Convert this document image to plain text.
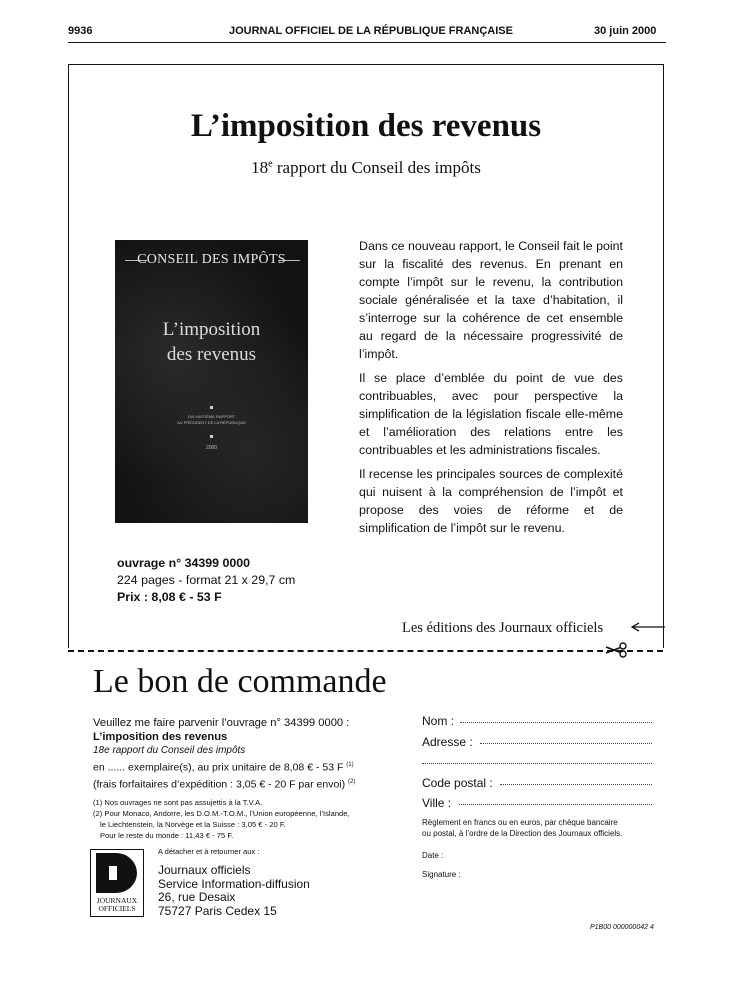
9936	JOURNAL OFFICIEL DE LA RÉPUBLIQUE FRANÇAISE	30 juin 2000
L’imposition des revenus
18e rapport du Conseil des impôts
CONSEIL DES IMPÔTS
L’imposition
des revenus
DIX-HUITIÈME RAPPORT
AU PRÉSIDENT DE LA RÉPUBLIQUE
2000

Dans ce nouveau rapport, le Conseil fait le point sur la fiscalité des revenus. En prenant en compte l’impôt sur le revenu, la contribution sociale généralisée et la taxe d’habitation, il s’interroge sur la cohérence de cet ensemble au regard de la nécessaire progressivité de l’impôt.

Il se place d’emblée du point de vue des contribuables, avec pour perspective la simplification de la législation fiscale elle-même et l’amélioration des relations entre les contribuables et les administrations fiscales.

Il recense les principales sources de complexité qui nuisent à la compréhension de l’impôt et propose des voies de réforme et de simplification de l’impôt sur le revenu.

ouvrage n° 34399 0000
224 pages - format 21 x 29,7 cm
Prix : 8,08 € - 53 F
Les éditions des Journaux officiels
Le bon de commande
Veuillez me faire parvenir l’ouvrage n° 34399 0000 :
L’imposition des revenus
18e rapport du Conseil des impôts
en ...... exemplaire(s), au prix unitaire de 8,08 € - 53 F $^{(1)}$
(frais forfaitaires d’expédition : 3,05 € - 20 F par envoi) $^{(2)}$
(1) Nos ouvrages ne sont pas assujettis à la T.V.A.
(2) Pour Monaco, Andorre, les D.O.M.-T.O.M., l’Union européenne, l’Islande,
le Liechtenstein, la Norvège et la Suisse : 3,05 € - 20 F.
Pour le reste du monde : 11,43 € - 75 F.
JOURNAUX
OFFICIELS
A détacher et à retourner aux :
Journaux officiels
Service Information-diffusion
26, rue Desaix
75727 Paris Cedex 15
Nom :
Adresse :
Code postal :
Ville :
Règlement en francs ou en euros, par chèque bancaire
ou postal, à l’ordre de la Direction des Journaux officiels.
Date :
Signature :
P1B00 000000042 4
